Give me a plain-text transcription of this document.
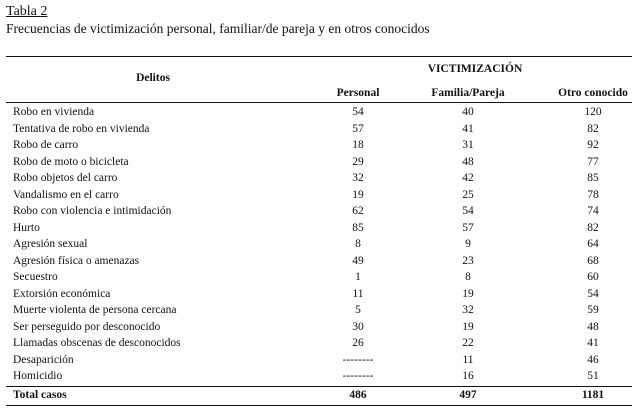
Tabla 2
Frecuencias de victimización personal, familiar/de pareja y en otros conocidos
Delitos
VICTIMIZACIÓN
Personal	Familia/Pareja	Otro conocido
Robo en vivienda	54	40	120
Tentativa de robo en vivienda	57	41	82
Robo de carro	18	31	92
Robo de moto o bicicleta	29	48	77
Robo objetos del carro	32	42	85
Vandalismo en el carro	19	25	78
Robo con violencia e intimidación	62	54	74
Hurto	85	57	82
Agresión sexual	8	9	64
Agresión física o amenazas	49	23	68
Secuestro	1	8	60
Extorsión económica	11	19	54
Muerte violenta de persona cercana	5	32	59
Ser perseguido por desconocido	30	19	48
Llamadas obscenas de desconocidos	26	22	41
Desaparición	--------	11	46
Homicidio	--------	16	51
Total casos	486	497	1181
